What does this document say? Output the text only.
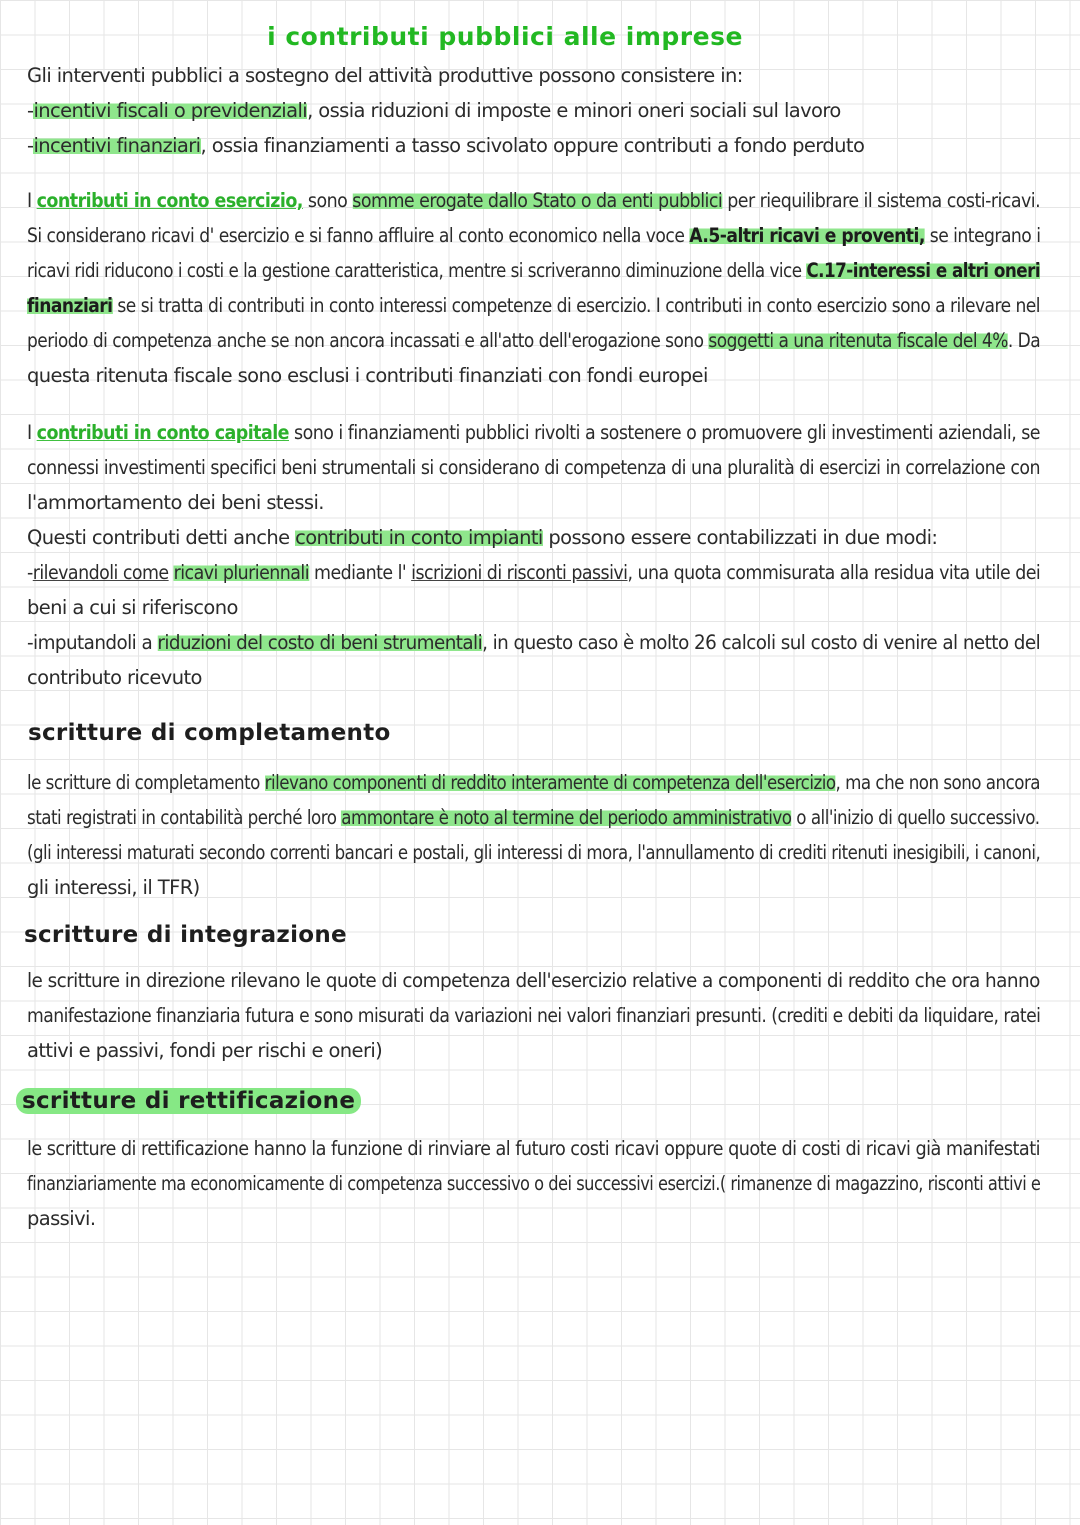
i contributi pubblici alle imprese
Gli interventi pubblici a sostegno del attività produttive possono consistere in:
-incentivi fiscali o previdenziali, ossia riduzioni di imposte e minori oneri sociali sul lavoro
-incentivi finanziari, ossia finanziamenti a tasso scivolato oppure contributi a fondo perduto
I contributi in conto esercizio, sono somme erogate dallo Stato o da enti pubblici per riequilibrare il sistema costi-ricavi.
Si considerano ricavi d' esercizio e si fanno affluire al conto economico nella voce A.5-altri ricavi e proventi, se integrano i
ricavi ridi riducono i costi e la gestione caratteristica, mentre si scriveranno diminuzione della vice C.17-interessi e altri oneri
finanziari se si tratta di contributi in conto interessi competenze di esercizio. I contributi in conto esercizio sono a rilevare nel
periodo di competenza anche se non ancora incassati e all'atto dell'erogazione sono soggetti a una ritenuta fiscale del 4%. Da
questa ritenuta fiscale sono esclusi i contributi finanziati con fondi europei
I contributi in conto capitale sono i finanziamenti pubblici rivolti a sostenere o promuovere gli investimenti aziendali, se
connessi investimenti specifici beni strumentali si considerano di competenza di una pluralità di esercizi in correlazione con
l'ammortamento dei beni stessi.
Questi contributi detti anche contributi in conto impianti possono essere contabilizzati in due modi:
-rilevandoli come ricavi pluriennali mediante l' iscrizioni di risconti passivi, una quota commisurata alla residua vita utile dei
beni a cui si riferiscono
-imputandoli a riduzioni del costo di beni strumentali, in questo caso è molto 26 calcoli sul costo di venire al netto del
contributo ricevuto
scritture di completamento
le scritture di completamento rilevano componenti di reddito interamente di competenza dell'esercizio, ma che non sono ancora
stati registrati in contabilità perché loro ammontare è noto al termine del periodo amministrativo o all'inizio di quello successivo.
(gli interessi maturati secondo correnti bancari e postali, gli interessi di mora, l'annullamento di crediti ritenuti inesigibili, i canoni,
gli interessi, il TFR)
scritture di integrazione
le scritture in direzione rilevano le quote di competenza dell'esercizio relative a componenti di reddito che ora hanno
manifestazione finanziaria futura e sono misurati da variazioni nei valori finanziari presunti. (crediti e debiti da liquidare, ratei
attivi e passivi, fondi per rischi e oneri)
scritture di rettificazione
le scritture di rettificazione hanno la funzione di rinviare al futuro costi ricavi oppure quote di costi di ricavi già manifestati
finanziariamente ma economicamente di competenza successivo o dei successivi esercizi.( rimanenze di magazzino, risconti attivi e
passivi.
